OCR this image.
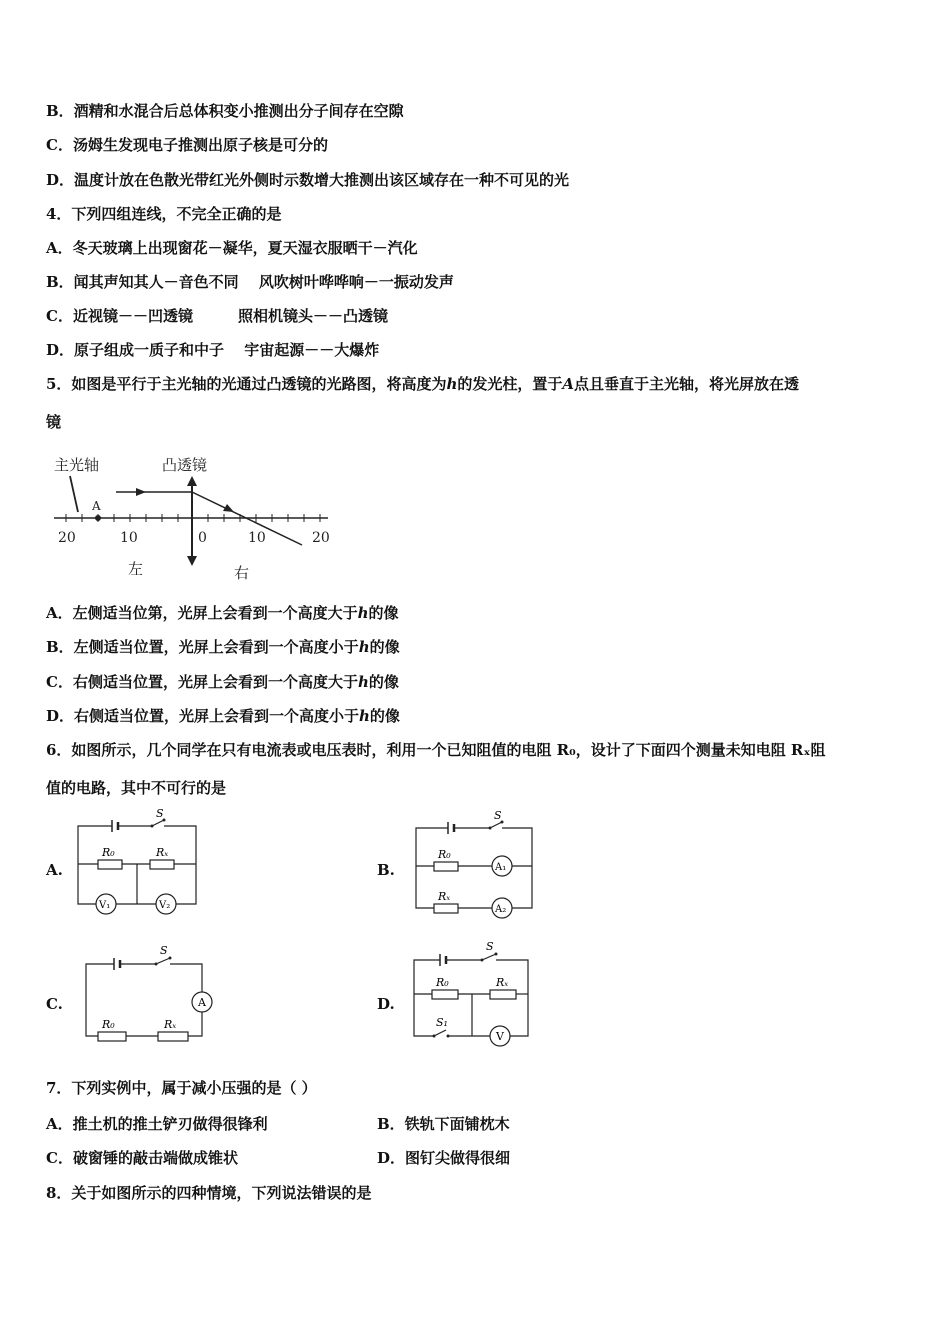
B．酒精和水混合后总体积变小推测出分子间存在空隙
C．汤姆生发现电子推测出原子核是可分的
D．温度计放在色散光带红光外侧时示数增大推测出该区域存在一种不可见的光
4．下列四组连线，不完全正确的是
A．冬天玻璃上出现窗花－凝华，夏天湿衣服晒干－汽化
B．闻其声知其人－音色不同　 风吹树叶哗哗响－一振动发声
C．近视镜－－凹透镜　　　照相机镜头－－凸透镜
D．原子组成一质子和中子　 宇宙起源－－大爆炸
5．如图是平行于主光轴的光通过凸透镜的光路图，将高度为h的发光柱，置于A点且垂直于主光轴，将光屏放在透
镜
主光轴	凸透镜
A
20	10	0	10	20
左	右
A．左侧适当位第，光屏上会看到一个高度大于h的像
B．左侧适当位置，光屏上会看到一个高度小于h的像
C．右侧适当位置，光屏上会看到一个高度大于h的像
D．右侧适当位置，光屏上会看到一个高度小于h的像
6．如图所示，几个同学在只有电流表或电压表时，利用一个已知阻值的电阻 R₀，设计了下面四个测量未知电阻 Rₓ阻
值的电路，其中不可行的是
A.	B.
C.	D.
S
R₀	Rₓ
V₁	V₂
S
R₀
Rₓ
A₁
A₂
S
A
R₀	Rₓ
S
R₀	Rₓ
S₁
V
7．下列实例中，属于减小压强的是（ ）
A．推土机的推土铲刃做得很锋利	B．铁轨下面铺枕木
C．破窗锤的敲击端做成锥状	D．图钉尖做得很细
8．关于如图所示的四种情境，下列说法错误的是
